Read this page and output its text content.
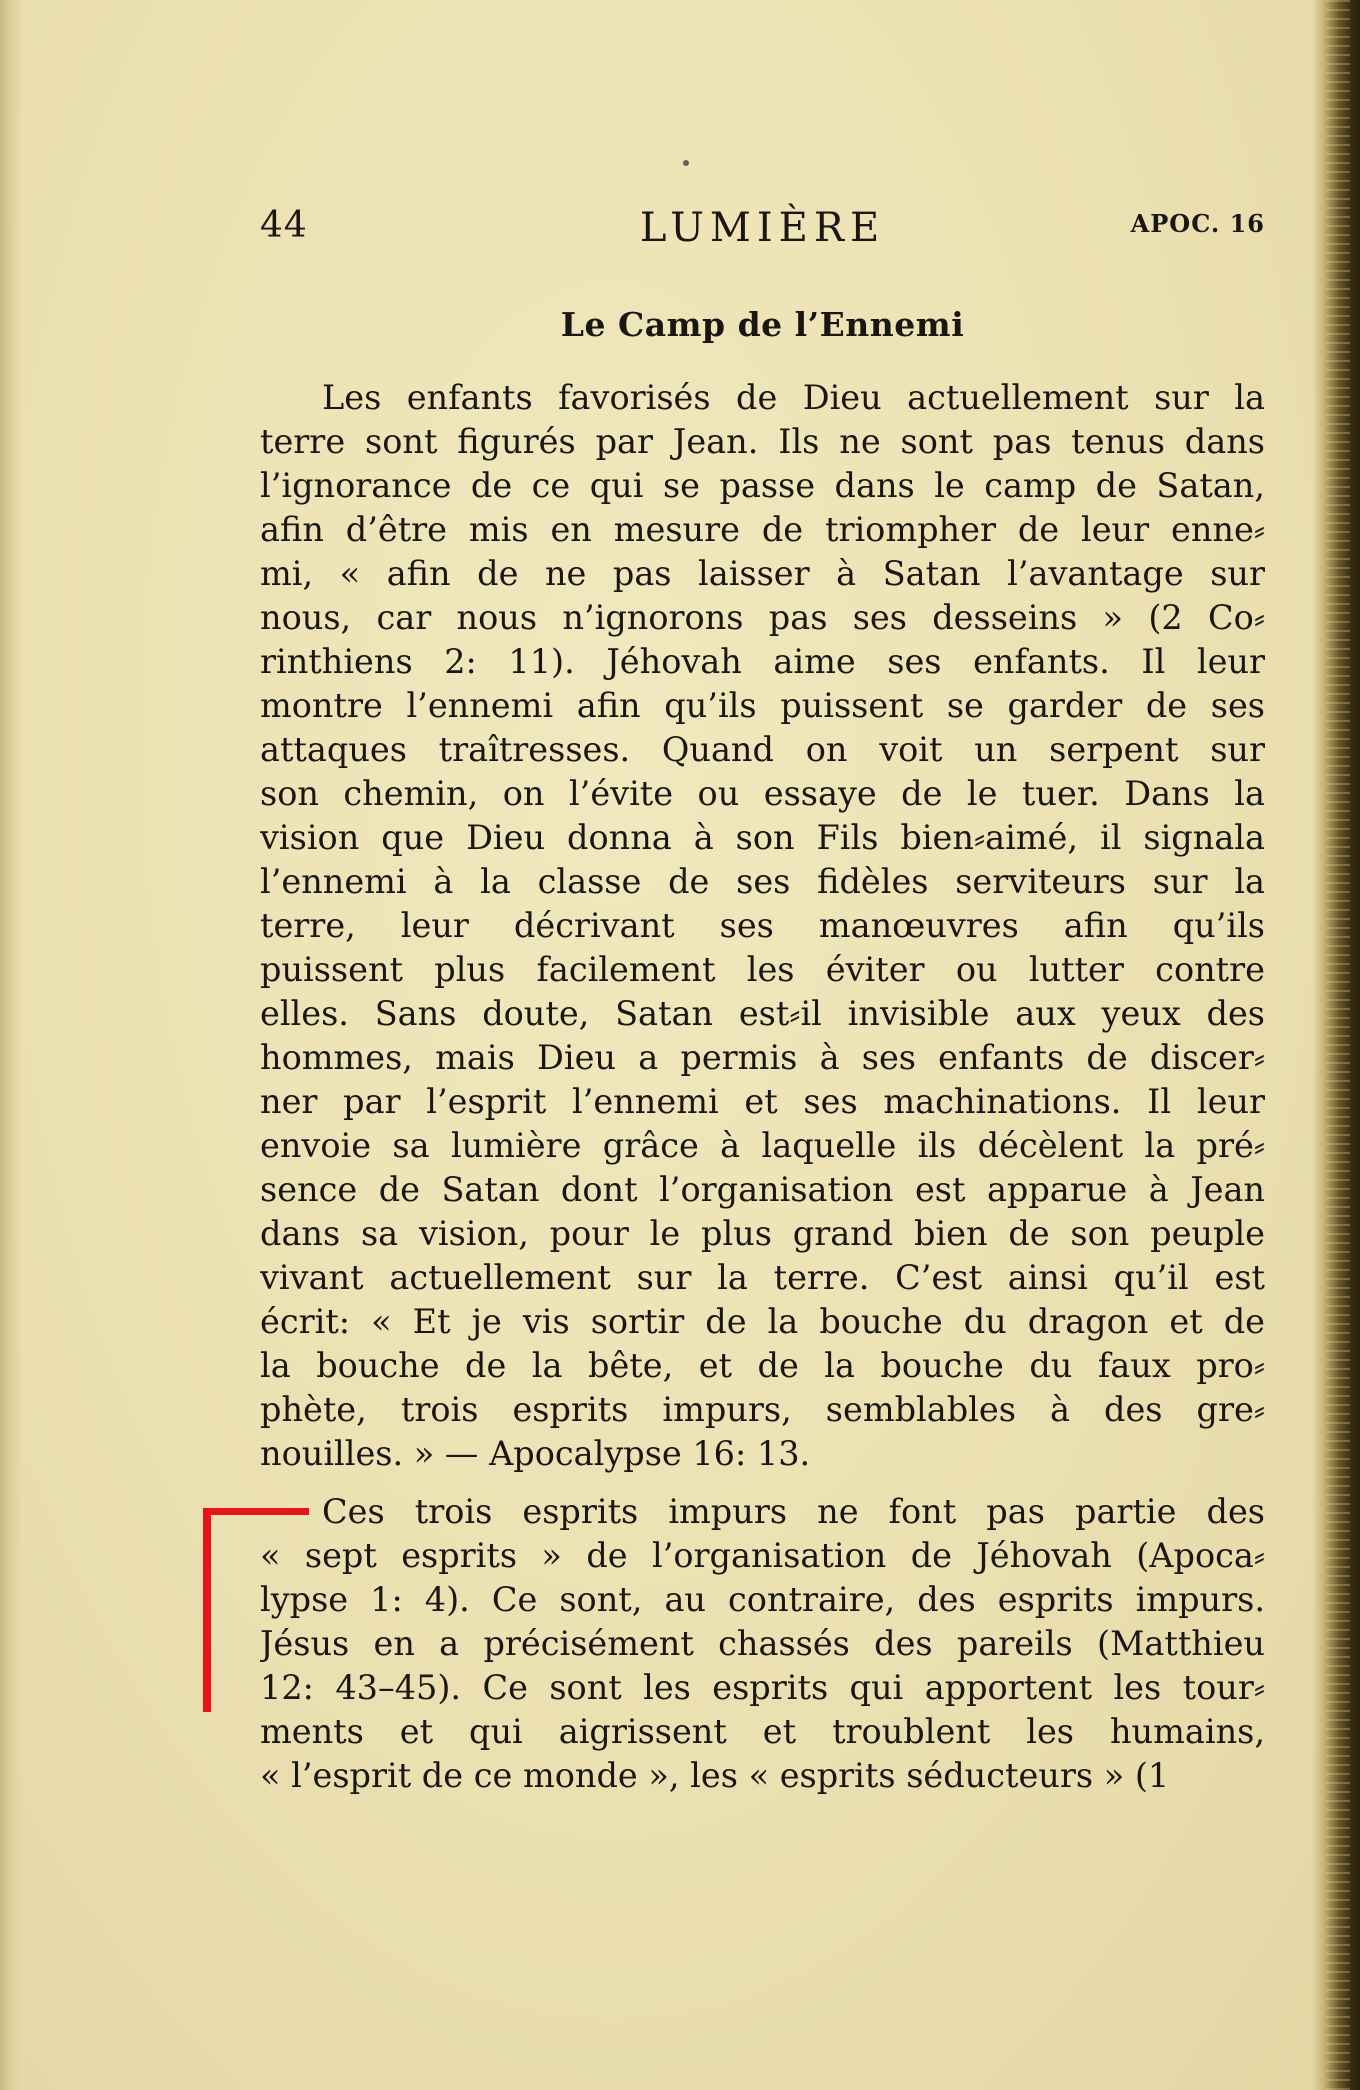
44	LUMIÈRE	APOC. 16
Le Camp de l’Ennemi
Les enfants favorisés de Dieu actuellement sur la
terre sont figurés par Jean. Ils ne sont pas tenus dans
l’ignorance de ce qui se passe dans le camp de Satan,
afin d’être mis en mesure de triompher de leur enne⸗
mi, « afin de ne pas laisser à Satan l’avantage sur
nous, car nous n’ignorons pas ses desseins » (2 Co⸗
rinthiens 2: 11). Jéhovah aime ses enfants. Il leur
montre l’ennemi afin qu’ils puissent se garder de ses
attaques traîtresses. Quand on voit un serpent sur
son chemin, on l’évite ou essaye de le tuer. Dans la
vision que Dieu donna à son Fils bien⸗aimé, il signala
l’ennemi à la classe de ses fidèles serviteurs sur la
terre, leur décrivant ses manœuvres afin qu’ils
puissent plus facilement les éviter ou lutter contre
elles. Sans doute, Satan est⸗il invisible aux yeux des
hommes, mais Dieu a permis à ses enfants de discer⸗
ner par l’esprit l’ennemi et ses machinations. Il leur
envoie sa lumière grâce à laquelle ils décèlent la pré⸗
sence de Satan dont l’organisation est apparue à Jean
dans sa vision, pour le plus grand bien de son peuple
vivant actuellement sur la terre. C’est ainsi qu’il est
écrit: « Et je vis sortir de la bouche du dragon et de
la bouche de la bête, et de la bouche du faux pro⸗
phète, trois esprits impurs, semblables à des gre⸗
nouilles. » — Apocalypse 16: 13.
Ces trois esprits impurs ne font pas partie des
« sept esprits » de l’organisation de Jéhovah (Apoca⸗
lypse 1: 4). Ce sont, au contraire, des esprits impurs.
Jésus en a précisément chassés des pareils (Matthieu
12: 43–45). Ce sont les esprits qui apportent les tour⸗
ments et qui aigrissent et troublent les humains,
« l’esprit de ce monde », les « esprits séducteurs » (1
